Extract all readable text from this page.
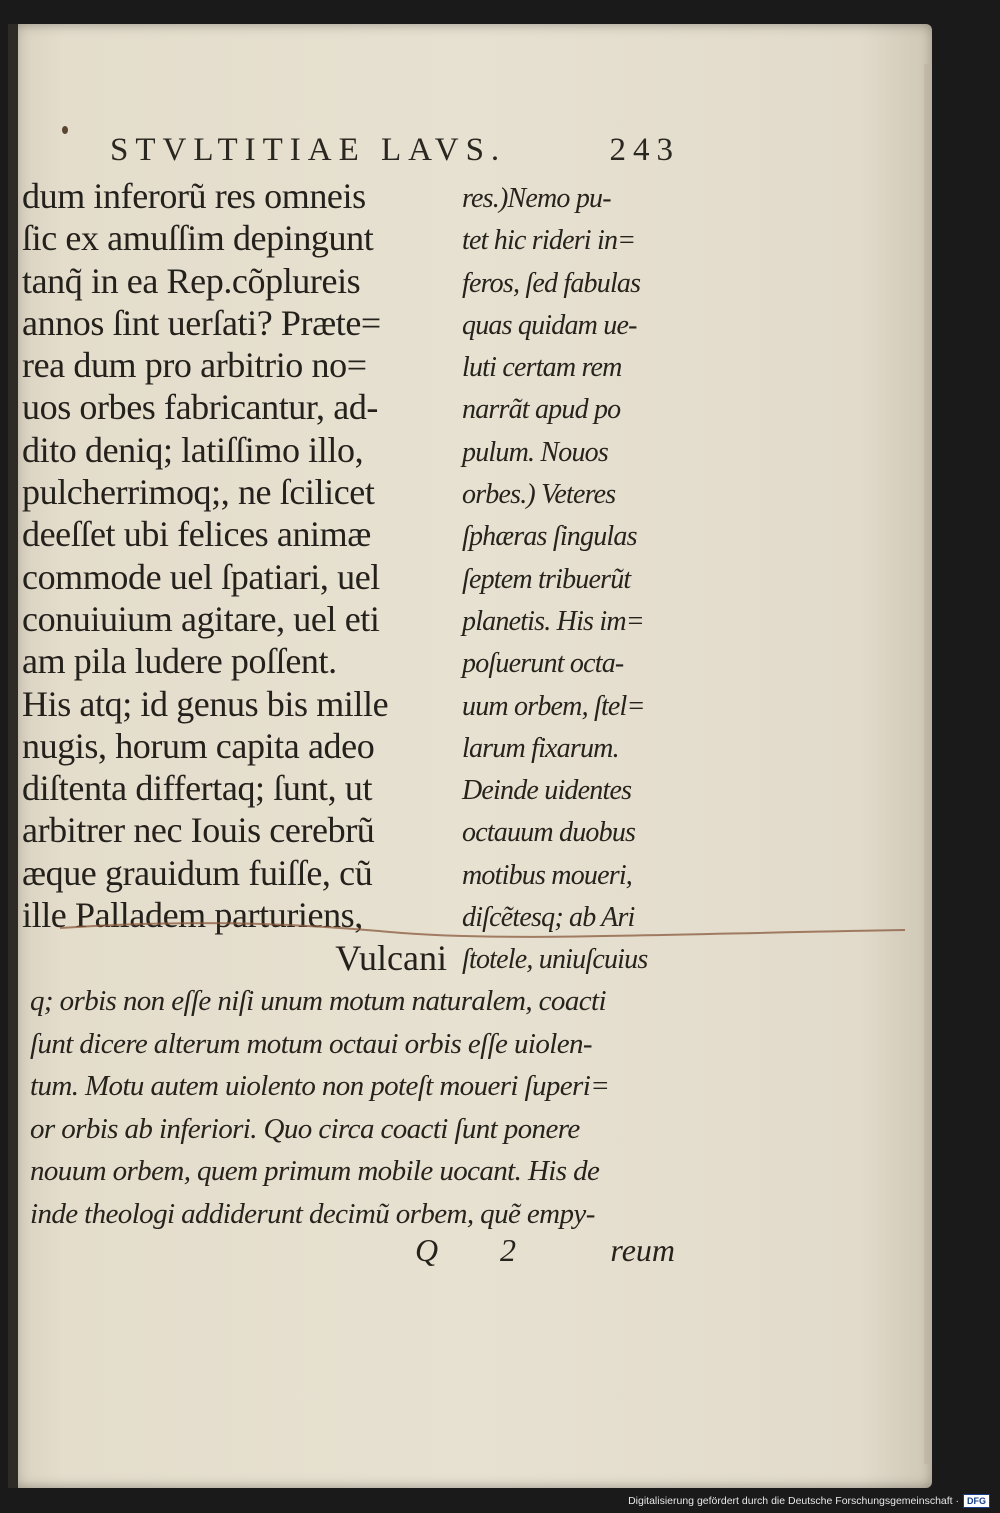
STVLTITIAE LAVS.	243
dum inferorũ res omneis
ſic ex amuſſim depingunt
tanq̃ in ea Rep.cõplureis
annos ſint uerſati? Præte=
rea dum pro arbitrio no=
uos orbes fabricantur, ad-
dito deniq; latiſſimo illo,
pulcherrimoq;, ne ſcilicet
deeſſet ubi felices animæ
commode uel ſpatiari, uel
conuiuium agitare, uel eti
am pila ludere poſſent.
His atq; id genus bis mille
nugis, horum capita adeo
diſtenta differtaq; ſunt, ut
arbitrer nec Iouis cerebrũ
æque grauidum fuiſſe, cũ
ille Palladem parturiens,
Vulcani
res.)Nemo pu-
tet hic rideri in=
feros, ſed fabulas
quas quidam ue-
luti certam rem
narrãt apud po
pulum. Nouos
orbes.) Veteres
ſphæras ſingulas
ſeptem tribuerũt
planetis. His im=
poſuerunt octa-
uum orbem, ſtel=
larum fixarum.
Deinde uidentes
octauum duobus
motibus moueri,
diſcẽtesq; ab Ari
ſtotele, uniuſcuius
q; orbis non eſſe niſi unum motum naturalem, coacti
ſunt dicere alterum motum octaui orbis eſſe uiolen-
tum. Motu autem uiolento non poteſt moueri ſuperi=
or orbis ab inferiori. Quo circa coacti ſunt ponere
nouum orbem, quem primum mobile uocant. His de
inde theologi addiderunt decimũ orbem, quẽ empy-
Q 2	reum
Digitalisierung gefördert durch die Deutsche Forschungsgemeinschaft · DFG
